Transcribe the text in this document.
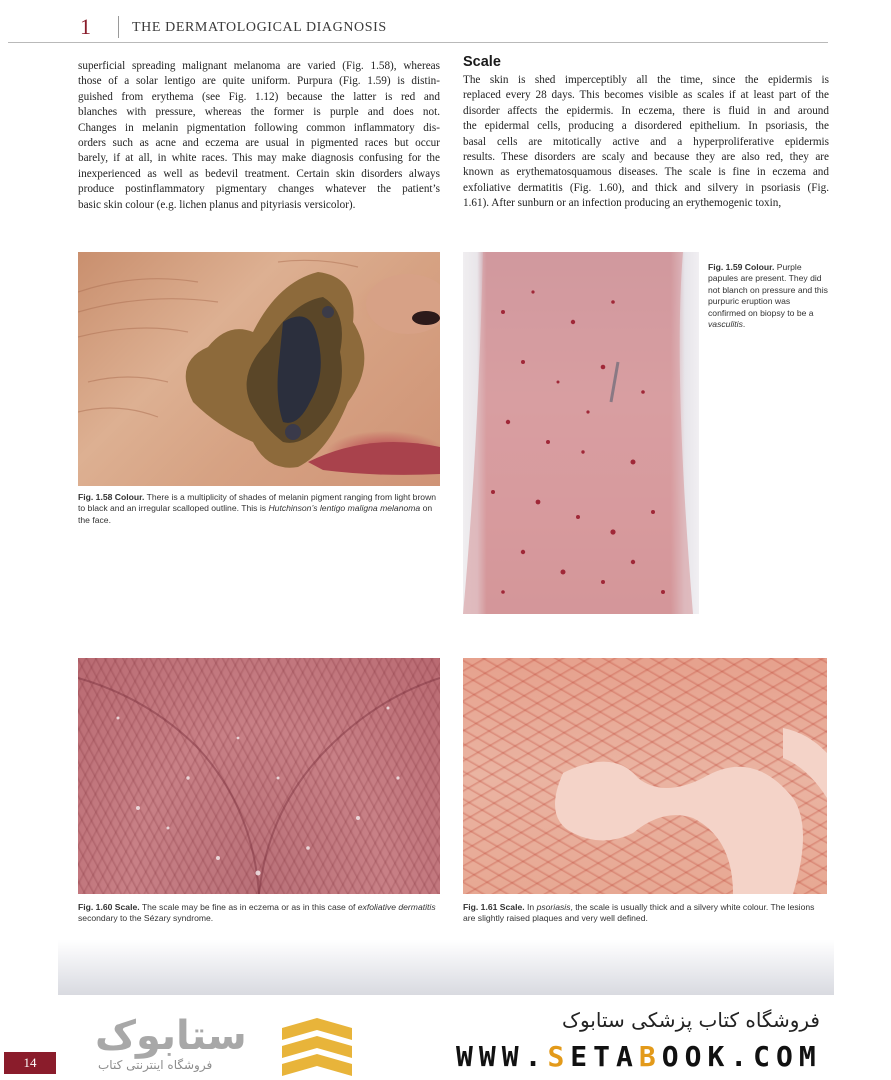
1	THE DERMATOLOGICAL DIAGNOSIS
superficial spreading malignant melanoma are varied (Fig. 1.58), whereas
those of a solar lentigo are quite uniform. Purpura (Fig. 1.59) is distin-
guished from erythema (see Fig. 1.12) because the latter is red and
blanches with pressure, whereas the former is purple and does not.
Changes in melanin pigmentation following common inflammatory dis-
orders such as acne and eczema are usual in pigmented races but occur
barely, if at all, in white races. This may make diagnosis confusing for the
inexperienced as well as bedevil treatment. Certain skin disorders always
produce postinflammatory pigmentary changes whatever the patient’s
basic skin colour (e.g. lichen planus and pityriasis versicolor).
Scale
The skin is shed imperceptibly all the time, since the epidermis is
replaced every 28 days. This becomes visible as scales if at least part of the
disorder affects the epidermis. In eczema, there is fluid in and around
the epidermal cells, producing a disordered epithelium. In psoriasis, the
basal cells are mitotically active and a hyperproliferative epidermis
results. These disorders are scaly and because they are also red, they are
known as erythematosquamous diseases. The scale is fine in eczema and
exfoliative dermatitis (Fig. 1.60), and thick and silvery in psoriasis (Fig.
1.61). After sunburn or an infection producing an erythemogenic toxin,
Fig. 1.58 Colour. There is a multiplicity of shades of melanin pigment ranging from light brown to black and an irregular scalloped outline. This is Hutchinson’s lentigo maligna melanoma on the face.
Fig. 1.59 Colour. Purple papules are present. They did not blanch on pressure and this purpuric eruption was confirmed on biopsy to be a vasculitis.
Fig. 1.60 Scale. The scale may be fine as in eczema or as in this case of exfoliative dermatitis secondary to the Sézary syndrome.
Fig. 1.61 Scale. In psoriasis, the scale is usually thick and a silvery white colour. The lesions are slightly raised plaques and very well defined.
14
ستابوک
فروشگاه اینترنتی کتاب
فروشگاه کتاب پزشکی ستابوک
WWW.SETABOOK.COM
